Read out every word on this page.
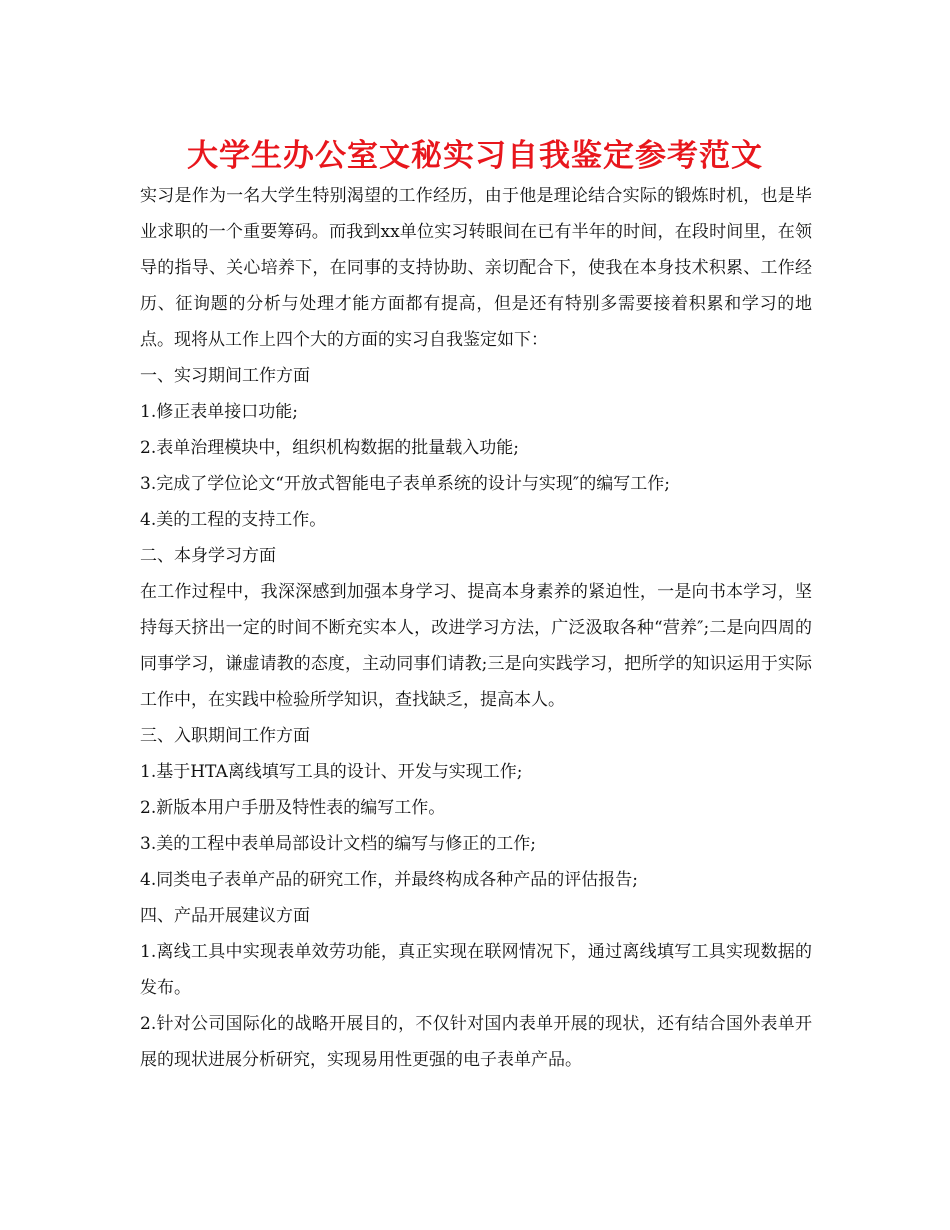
大学生办公室文秘实习自我鉴定参考范文

实习是作为一名大学生特别渴望的工作经历，由于他是理论结合实际的锻炼时机，也是毕业求职的一个重要筹码。而我到xx单位实习转眼间在已有半年的时间，在段时间里，在领导的指导、关心培养下，在同事的支持协助、亲切配合下，使我在本身技术积累、工作经历、征询题的分析与处理才能方面都有提高，但是还有特别多需要接着积累和学习的地点。现将从工作上四个大的方面的实习自我鉴定如下：

一、实习期间工作方面

1.修正表单接口功能;

2.表单治理模块中，组织机构数据的批量载入功能;

3.完成了学位论文“开放式智能电子表单系统的设计与实现″的编写工作;

4.美的工程的支持工作。

二、本身学习方面

在工作过程中，我深深感到加强本身学习、提高本身素养的紧迫性，一是向书本学习，坚持每天挤出一定的时间不断充实本人，改进学习方法，广泛汲取各种“营养″;二是向四周的同事学习，谦虚请教的态度，主动同事们请教;三是向实践学习，把所学的知识运用于实际工作中，在实践中检验所学知识，查找缺乏，提高本人。

三、入职期间工作方面

1.基于HTA离线填写工具的设计、开发与实现工作;

2.新版本用户手册及特性表的编写工作。

3.美的工程中表单局部设计文档的编写与修正的工作;

4.同类电子表单产品的研究工作，并最终构成各种产品的评估报告;

四、产品开展建议方面

1.离线工具中实现表单效劳功能，真正实现在联网情况下，通过离线填写工具实现数据的发布。

2.针对公司国际化的战略开展目的，不仅针对国内表单开展的现状，还有结合国外表单开展的现状进展分析研究，实现易用性更强的电子表单产品。
